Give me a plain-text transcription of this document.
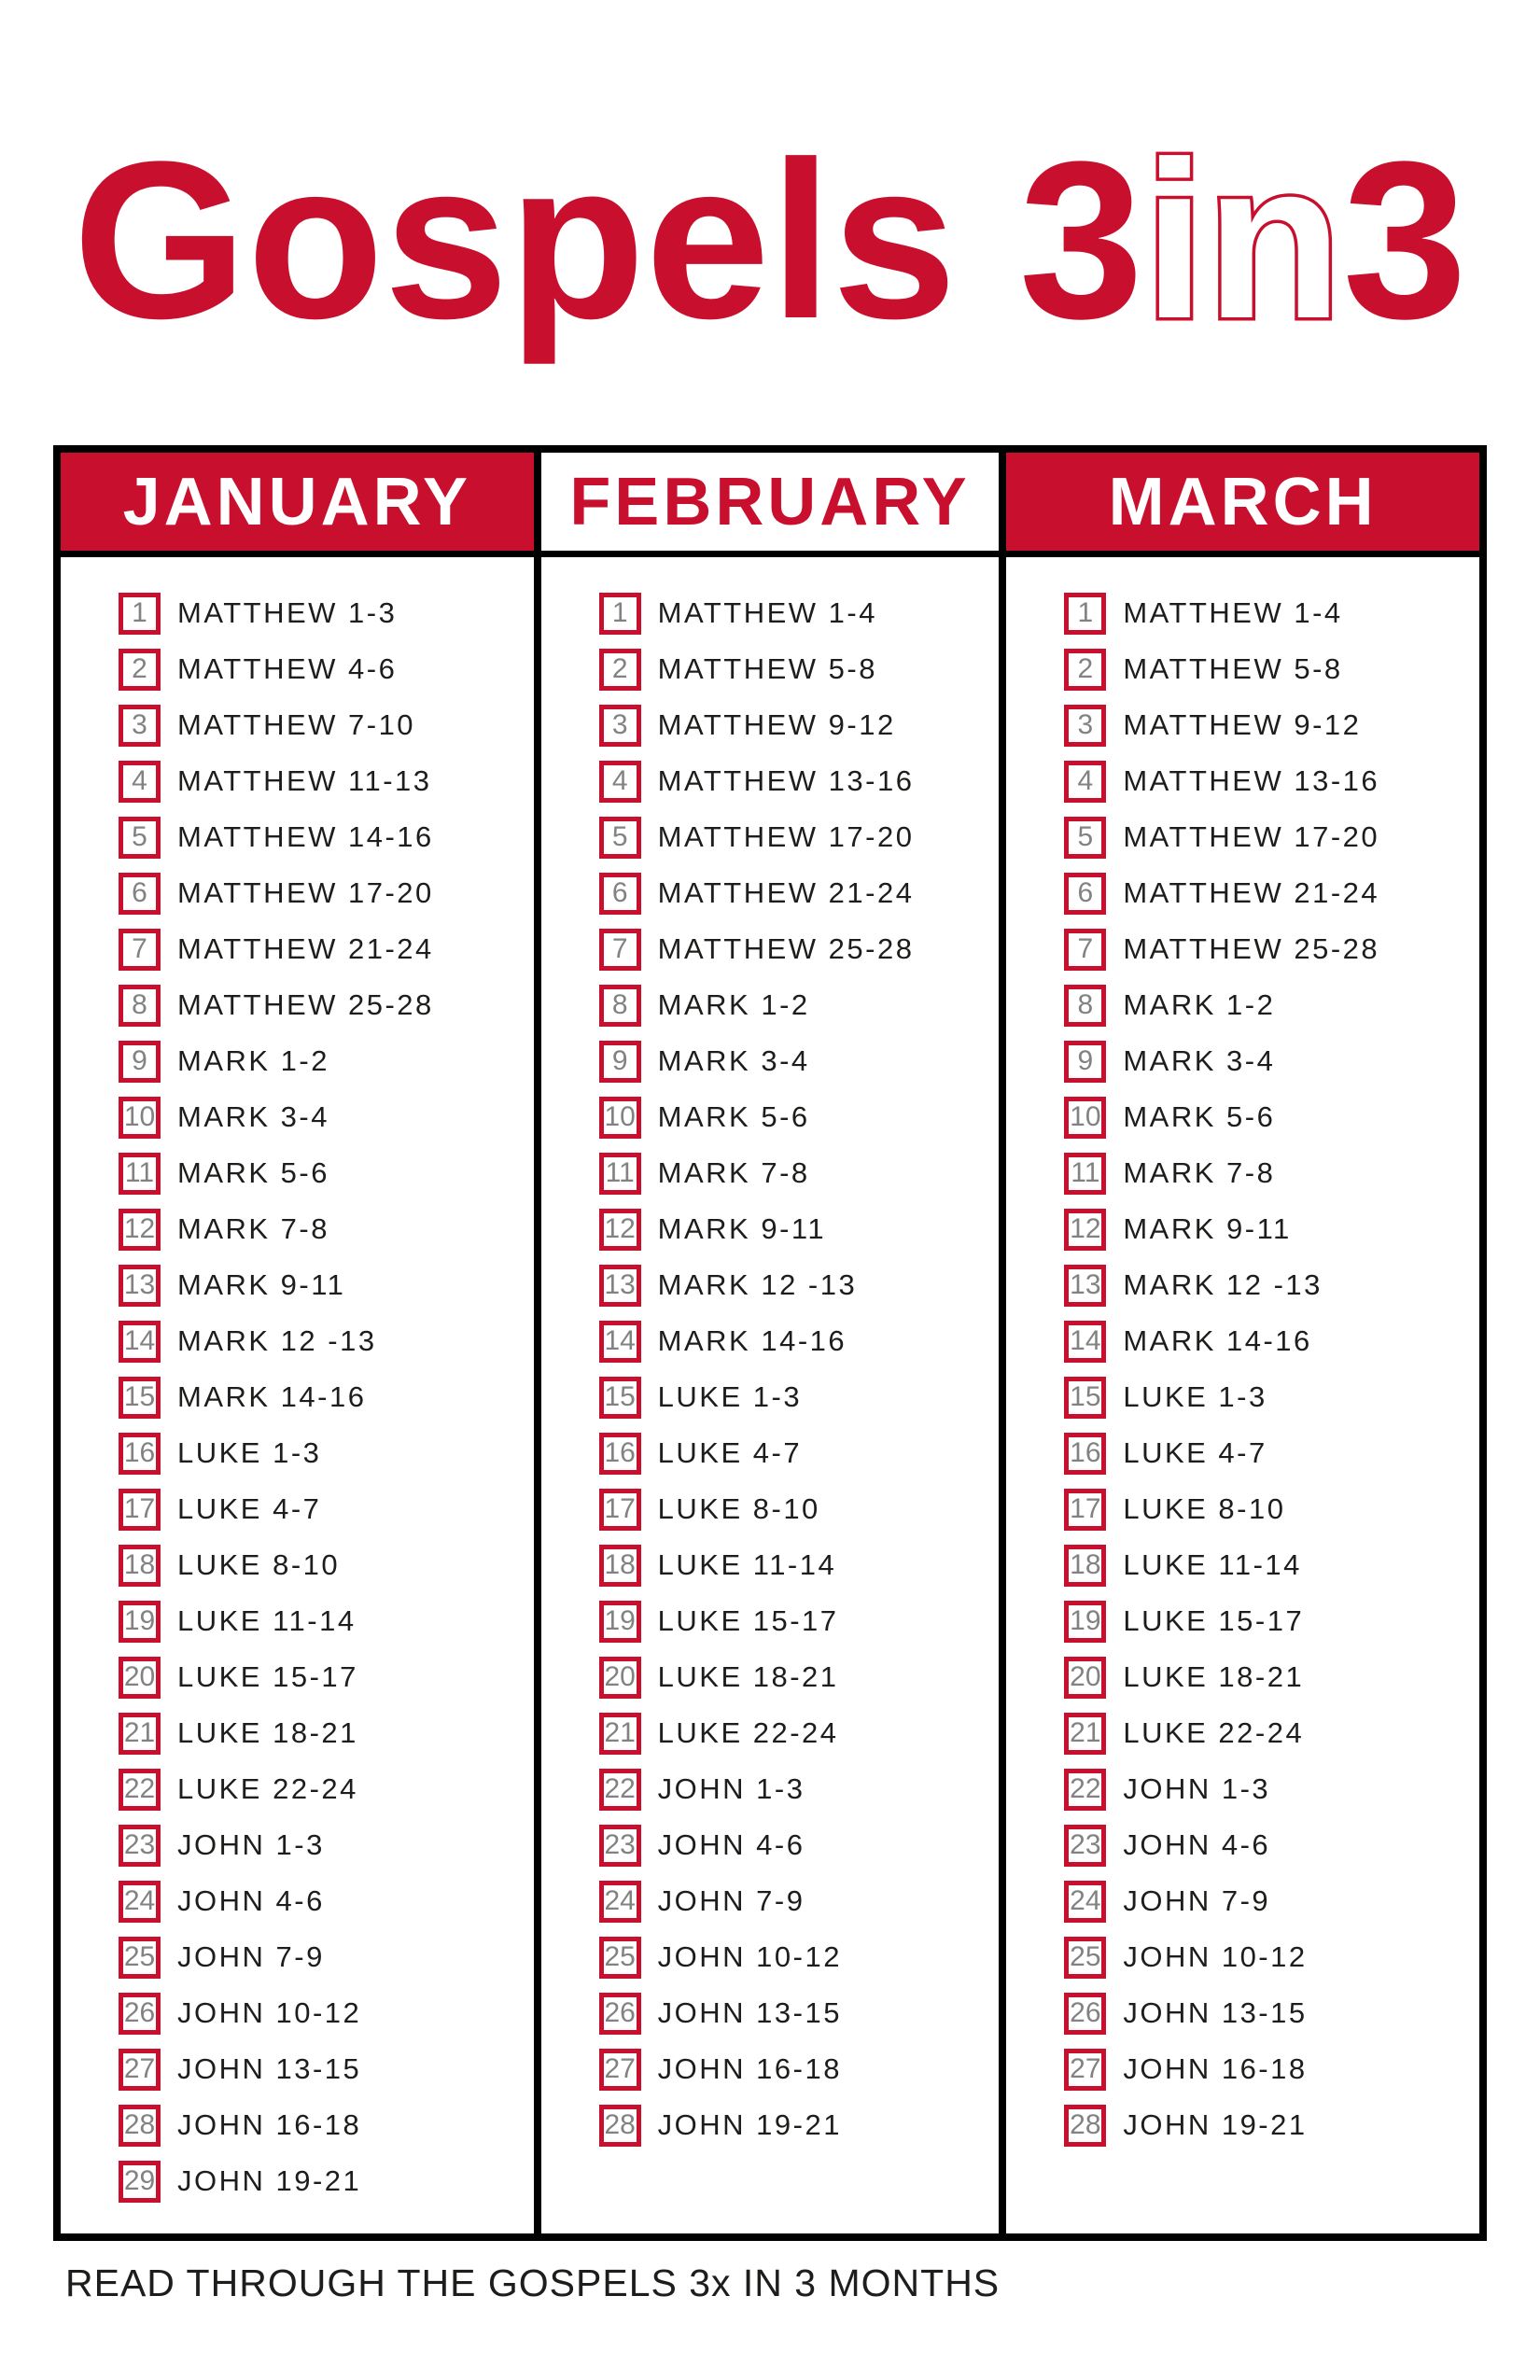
Gospels 3in3
JANUARY	FEBRUARY	MARCH
1 MATTHEW 1-3
2 MATTHEW 4-6
3 MATTHEW 7-10
4 MATTHEW 11-13
5 MATTHEW 14-16
6 MATTHEW 17-20
7 MATTHEW 21-24
8 MATTHEW 25-28
9 MARK 1-2
10 MARK 3-4
11 MARK 5-6
12 MARK 7-8
13 MARK 9-11
14 MARK 12 -13
15 MARK 14-16
16 LUKE 1-3
17 LUKE 4-7
18 LUKE 8-10
19 LUKE 11-14
20 LUKE 15-17
21 LUKE 18-21
22 LUKE 22-24
23 JOHN 1-3
24 JOHN 4-6
25 JOHN 7-9
26 JOHN 10-12
27 JOHN 13-15
28 JOHN 16-18
29 JOHN 19-21
1 MATTHEW 1-4
2 MATTHEW 5-8
3 MATTHEW 9-12
4 MATTHEW 13-16
5 MATTHEW 17-20
6 MATTHEW 21-24
7 MATTHEW 25-28
8 MARK 1-2
9 MARK 3-4
10 MARK 5-6
11 MARK 7-8
12 MARK 9-11
13 MARK 12 -13
14 MARK 14-16
15 LUKE 1-3
16 LUKE 4-7
17 LUKE 8-10
18 LUKE 11-14
19 LUKE 15-17
20 LUKE 18-21
21 LUKE 22-24
22 JOHN 1-3
23 JOHN 4-6
24 JOHN 7-9
25 JOHN 10-12
26 JOHN 13-15
27 JOHN 16-18
28 JOHN 19-21
1 MATTHEW 1-4
2 MATTHEW 5-8
3 MATTHEW 9-12
4 MATTHEW 13-16
5 MATTHEW 17-20
6 MATTHEW 21-24
7 MATTHEW 25-28
8 MARK 1-2
9 MARK 3-4
10 MARK 5-6
11 MARK 7-8
12 MARK 9-11
13 MARK 12 -13
14 MARK 14-16
15 LUKE 1-3
16 LUKE 4-7
17 LUKE 8-10
18 LUKE 11-14
19 LUKE 15-17
20 LUKE 18-21
21 LUKE 22-24
22 JOHN 1-3
23 JOHN 4-6
24 JOHN 7-9
25 JOHN 10-12
26 JOHN 13-15
27 JOHN 16-18
28 JOHN 19-21
READ THROUGH THE GOSPELS 3x IN 3 MONTHS
